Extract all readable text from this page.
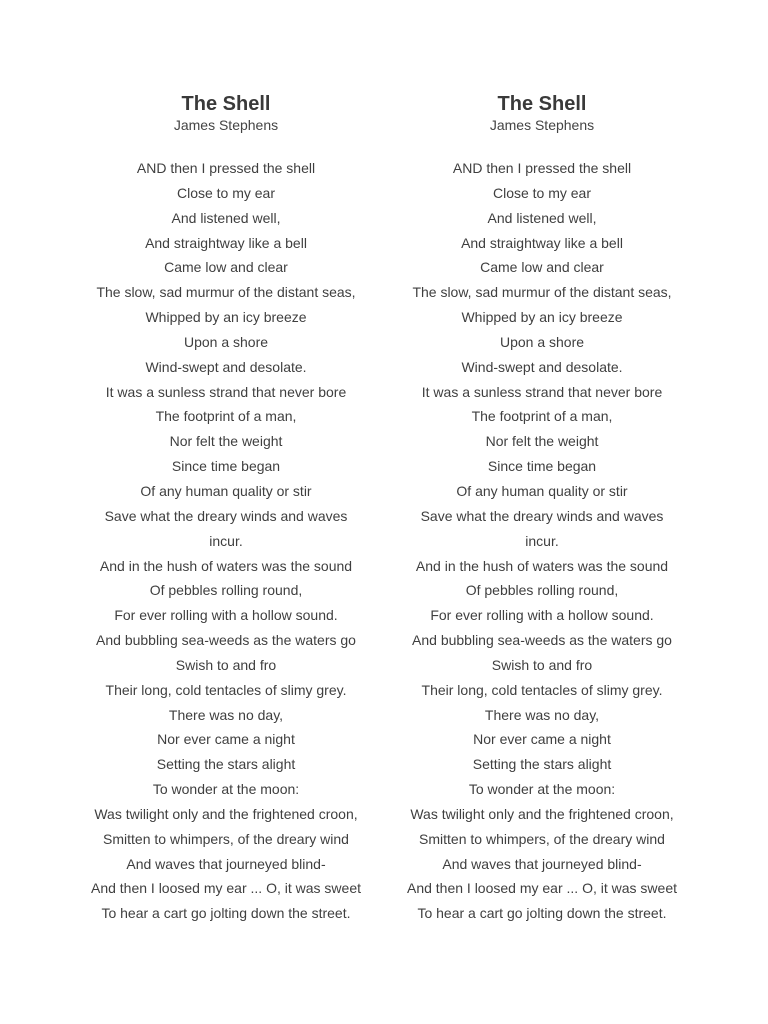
The Shell

James Stephens

AND then I pressed the shell
Close to my ear
And listened well,
And straightway like a bell
Came low and clear
The slow, sad murmur of the distant seas,
Whipped by an icy breeze
Upon a shore
Wind-swept and desolate.
It was a sunless strand that never bore
The footprint of a man,
Nor felt the weight
Since time began
Of any human quality or stir
Save what the dreary winds and waves
incur.
And in the hush of waters was the sound
Of pebbles rolling round,
For ever rolling with a hollow sound.
And bubbling sea-weeds as the waters go
Swish to and fro
Their long, cold tentacles of slimy grey.
There was no day,
Nor ever came a night
Setting the stars alight
To wonder at the moon:
Was twilight only and the frightened croon,
Smitten to whimpers, of the dreary wind
And waves that journeyed blind-
And then I loosed my ear ... O, it was sweet
To hear a cart go jolting down the street.
The Shell

James Stephens

AND then I pressed the shell
Close to my ear
And listened well,
And straightway like a bell
Came low and clear
The slow, sad murmur of the distant seas,
Whipped by an icy breeze
Upon a shore
Wind-swept and desolate.
It was a sunless strand that never bore
The footprint of a man,
Nor felt the weight
Since time began
Of any human quality or stir
Save what the dreary winds and waves
incur.
And in the hush of waters was the sound
Of pebbles rolling round,
For ever rolling with a hollow sound.
And bubbling sea-weeds as the waters go
Swish to and fro
Their long, cold tentacles of slimy grey.
There was no day,
Nor ever came a night
Setting the stars alight
To wonder at the moon:
Was twilight only and the frightened croon,
Smitten to whimpers, of the dreary wind
And waves that journeyed blind-
And then I loosed my ear ... O, it was sweet
To hear a cart go jolting down the street.
